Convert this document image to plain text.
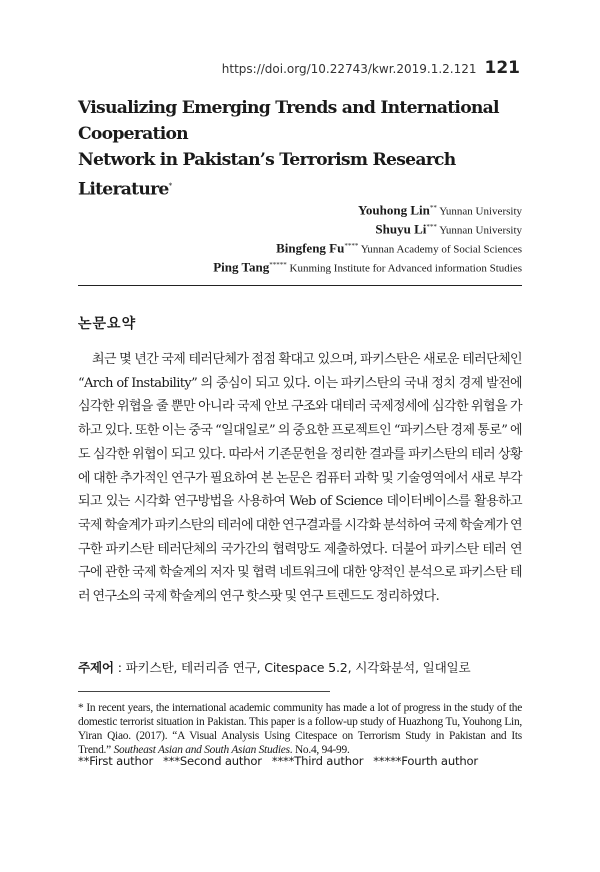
https://doi.org/10.22743/kwr.2019.1.2.121 121
Visualizing Emerging Trends and International Cooperation
Network in Pakistan’s Terrorism Research Literature*
Youhong Lin** Yunnan University
Shuyu Li*** Yunnan University
Bingfeng Fu**** Yunnan Academy of Social Sciences
Ping Tang***** Kunming Institute for Advanced information Studies
논문요약

최근 몇 년간 국제 테러단체가 점점 확대고 있으며, 파키스탄은 새로운 테러단체인 “Arch of Instability” 의 중심이 되고 있다. 이는 파키스탄의 국내 정치 경제 발전에 심각한 위협을 줄 뿐만 아니라 국제 안보 구조와 대테러 국제정세에 심각한 위협을 가하고 있다. 또한 이는 중국 “일대일로” 의 중요한 프로젝트인 “파키스탄 경제 통로” 에도 심각한 위협이 되고 있다. 따라서 기존문헌을 정리한 결과를 파키스탄의 테러 상황에 대한 추가적인 연구가 필요하여 본 논문은 컴퓨터 과학 및 기술영역에서 새로 부각되고 있는 시각화 연구방법을 사용하여 Web of Science 데이터베이스를 활용하고 국제 학술계가 파키스탄의 테러에 대한 연구결과를 시각화 분석하여 국제 학술계가 연구한 파키스탄 테러단체의 국가간의 협력망도 제출하였다. 더불어 파키스탄 테러 연구에 관한 국제 학술계의 저자 및 협력 네트워크에 대한 양적인 분석으로 파키스탄 테러 연구소의 국제 학술계의 연구 핫스팟 및 연구 트렌드도 정리하였다.

주제어 : 파키스탄, 테러리즘 연구, Citespace 5.2, 시각화분석, 일대일로

* In recent years, the international academic community has made a lot of progress in the study of the domestic terrorist situation in Pakistan. This paper is a follow-up study of Huazhong Tu, Youhong Lin, Yiran Qiao. (2017). “A Visual Analysis Using Citespace on Terrorism Study in Pakistan and Its Trend.” Southeast Asian and South Asian Studies. No.4, 94-99.

**First author ***Second author ****Third author *****Fourth author
